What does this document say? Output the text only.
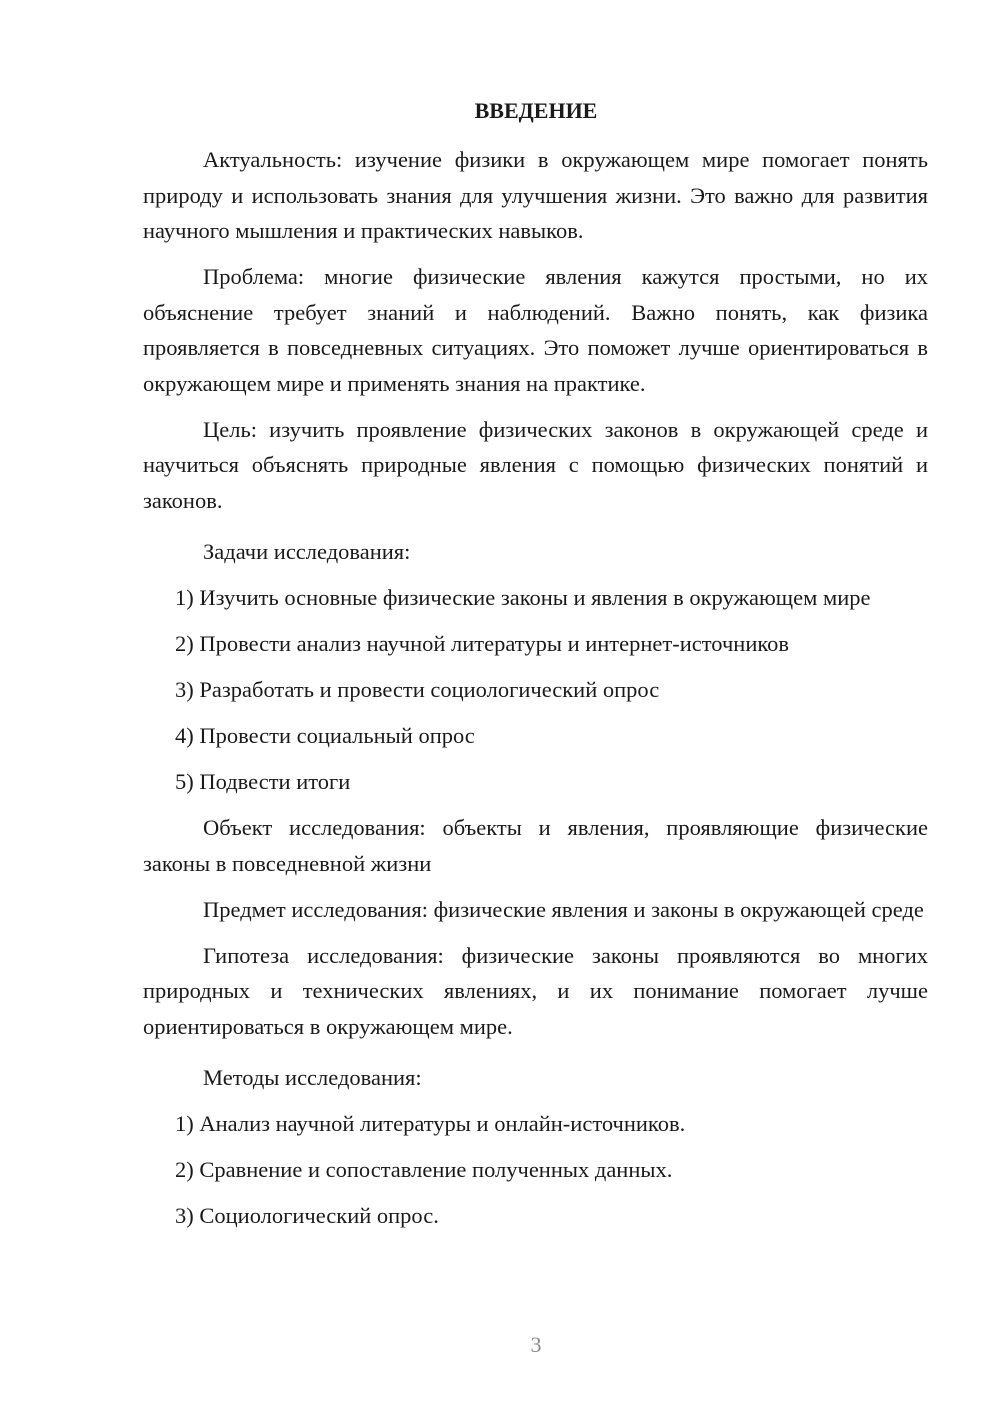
ВВЕДЕНИЕ

Актуальность: изучение физики в окружающем мире помогает понять природу и использовать знания для улучшения жизни. Это важно для развития научного мышления и практических навыков.

Проблема: многие физические явления кажутся простыми, но их объяснение требует знаний и наблюдений. Важно понять, как физика проявляется в повседневных ситуациях. Это поможет лучше ориентироваться в окружающем мире и применять знания на практике.

Цель: изучить проявление физических законов в окружающей среде и научиться объяснять природные явления с помощью физических понятий и законов.

Задачи исследования:

1) Изучить основные физические законы и явления в окружающем мире

2) Провести анализ научной литературы и интернет-источников

3) Разработать и провести социологический опрос

4) Провести социальный опрос

5) Подвести итоги

Объект исследования: объекты и явления, проявляющие физические законы в повседневной жизни

Предмет исследования: физические явления и законы в окружающей среде

Гипотеза исследования: физические законы проявляются во многих природных и технических явлениях, и их понимание помогает лучше ориентироваться в окружающем мире.

Методы исследования:

1) Анализ научной литературы и онлайн-источников.

2) Сравнение и сопоставление полученных данных.

3) Социологический опрос.

3
